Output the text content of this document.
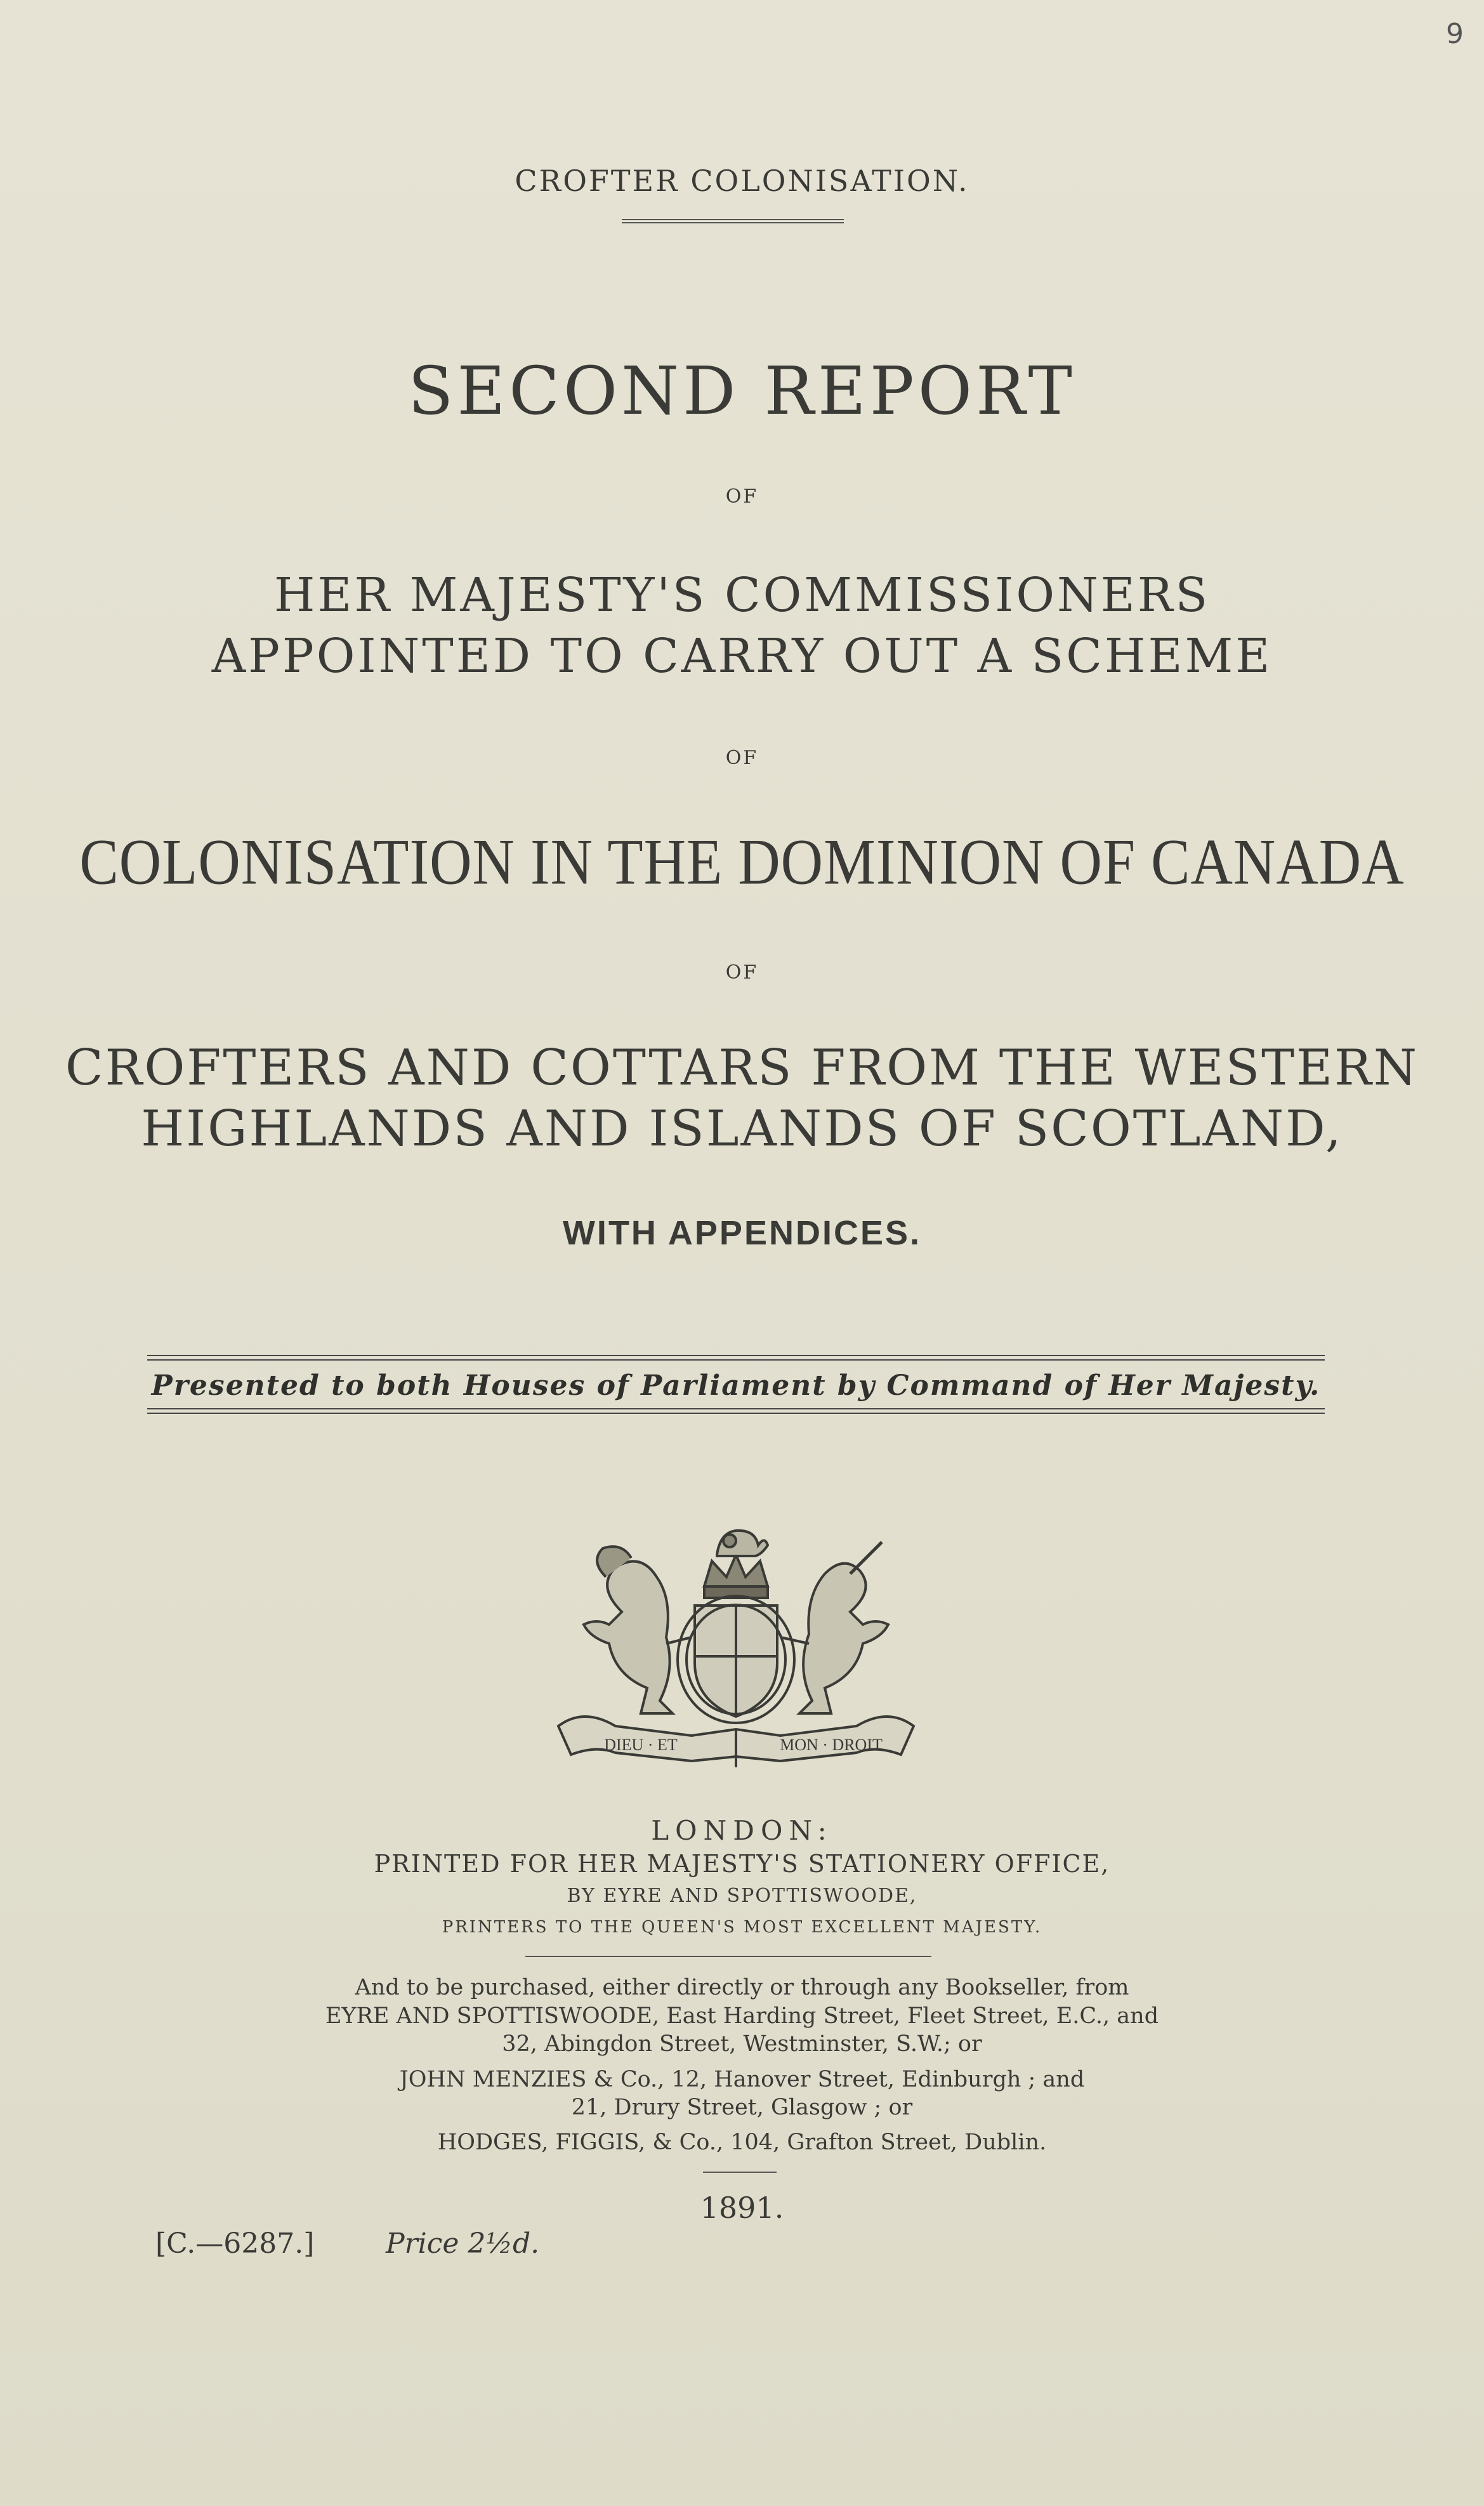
9
CROFTER COLONISATION.
SECOND REPORT
OF
HER MAJESTY'S COMMISSIONERS
APPOINTED TO CARRY OUT A SCHEME
OF
COLONISATION IN THE DOMINION OF CANADA
OF
CROFTERS AND COTTARS FROM THE WESTERN
HIGHLANDS AND ISLANDS OF SCOTLAND,
WITH APPENDICES.
Presented to both Houses of Parliament by Command of Her Majesty.
DIEU · ET	MON · DROIT
LONDON:
PRINTED FOR HER MAJESTY'S STATIONERY OFFICE,
BY EYRE AND SPOTTISWOODE,
PRINTERS TO THE QUEEN'S MOST EXCELLENT MAJESTY.
And to be purchased, either directly or through any Bookseller, from
EYRE AND SPOTTISWOODE, East Harding Street, Fleet Street, E.C., and
32, Abingdon Street, Westminster, S.W.; or
JOHN MENZIES & Co., 12, Hanover Street, Edinburgh ; and
21, Drury Street, Glasgow ; or
HODGES, FIGGIS, & Co., 104, Grafton Street, Dublin.
1891.
[C.—6287.]	Price 2½d.
